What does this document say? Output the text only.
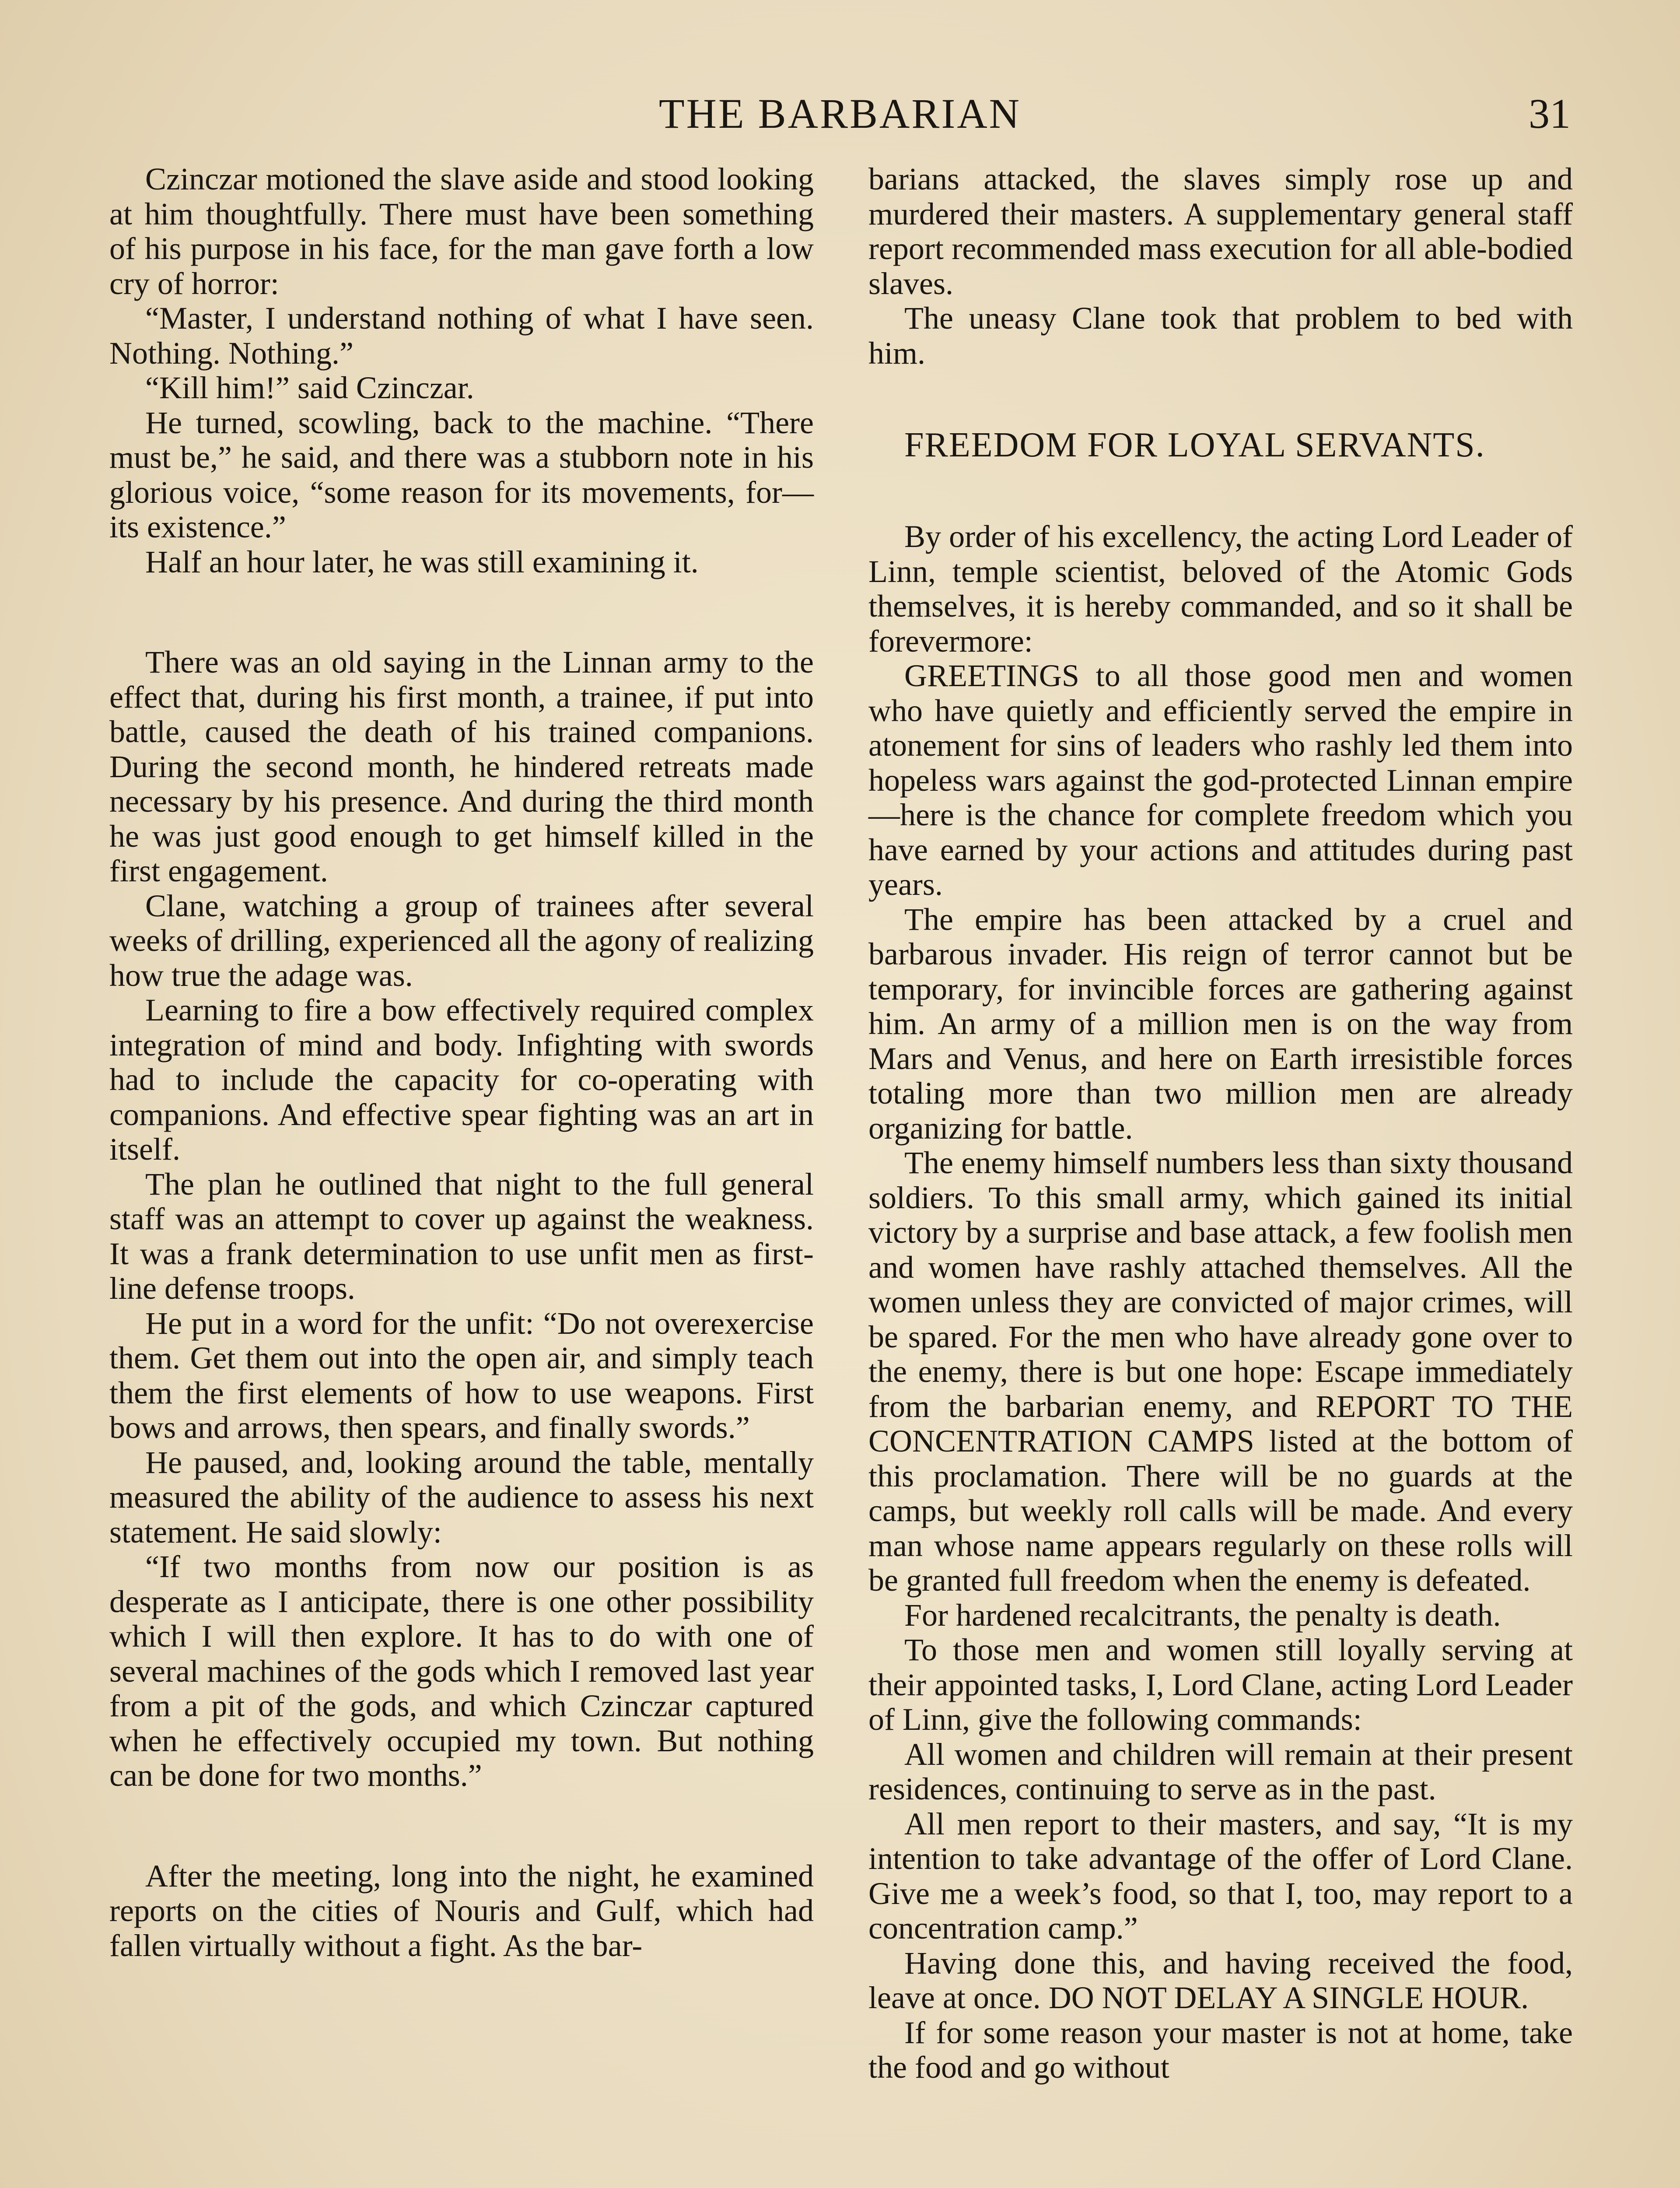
THE BARBARIAN	31

Czinczar motioned the slave aside and stood looking at him thoughtfully. There must have been something of his purpose in his face, for the man gave forth a low cry of horror:

“Master, I understand nothing of what I have seen. Nothing. Nothing.”

“Kill him!” said Czinczar.

He turned, scowling, back to the machine. “There must be,” he said, and there was a stubborn note in his glorious voice, “some reason for its movements, for—its existence.”

Half an hour later, he was still examining it.

There was an old saying in the Linnan army to the effect that, during his first month, a trainee, if put into battle, caused the death of his trained companions. During the second month, he hindered retreats made necessary by his presence. And during the third month he was just good enough to get himself killed in the first engagement.

Clane, watching a group of trainees after several weeks of drilling, experienced all the agony of realizing how true the adage was.

Learning to fire a bow effectively required complex integration of mind and body. Infighting with swords had to include the capacity for co-operating with companions. And effective spear fighting was an art in itself.

The plan he outlined that night to the full general staff was an attempt to cover up against the weakness. It was a frank determination to use unfit men as first-line defense troops.

He put in a word for the unfit: “Do not overexercise them. Get them out into the open air, and simply teach them the first elements of how to use weapons. First bows and arrows, then spears, and finally swords.”

He paused, and, looking around the table, mentally measured the ability of the audience to assess his next statement. He said slowly:

“If two months from now our position is as desperate as I anticipate, there is one other possibility which I will then explore. It has to do with one of several machines of the gods which I removed last year from a pit of the gods, and which Czinczar captured when he effectively occupied my town. But nothing can be done for two months.”

After the meeting, long into the night, he examined reports on the cities of Nouris and Gulf, which had fallen virtually without a fight. As the bar-

barians attacked, the slaves simply rose up and murdered their masters. A supplementary general staff report recommended mass execution for all able-bodied slaves.

The uneasy Clane took that problem to bed with him.

FREEDOM FOR LOYAL SERVANTS.

By order of his excellency, the acting Lord Leader of Linn, temple scientist, beloved of the Atomic Gods themselves, it is hereby commanded, and so it shall be forevermore:

GREETINGS to all those good men and women who have quietly and efficiently served the empire in atonement for sins of leaders who rashly led them into hopeless wars against the god-protected Linnan empire—here is the chance for complete freedom which you have earned by your actions and attitudes during past years.

The empire has been attacked by a cruel and barbarous invader. His reign of terror cannot but be temporary, for invincible forces are gathering against him. An army of a million men is on the way from Mars and Venus, and here on Earth irresistible forces totaling more than two million men are already organizing for battle.

The enemy himself numbers less than sixty thousand soldiers. To this small army, which gained its initial victory by a surprise and base attack, a few foolish men and women have rashly attached themselves. All the women unless they are convicted of major crimes, will be spared. For the men who have already gone over to the enemy, there is but one hope: Escape immediately from the barbarian enemy, and REPORT TO THE CONCENTRATION CAMPS listed at the bottom of this proclamation. There will be no guards at the camps, but weekly roll calls will be made. And every man whose name appears regularly on these rolls will be granted full freedom when the enemy is defeated.

For hardened recalcitrants, the penalty is death.

To those men and women still loyally serving at their appointed tasks, I, Lord Clane, acting Lord Leader of Linn, give the following commands:

All women and children will remain at their present residences, continuing to serve as in the past.

All men report to their masters, and say, “It is my intention to take advantage of the offer of Lord Clane. Give me a week’s food, so that I, too, may report to a concentration camp.”

Having done this, and having received the food, leave at once. DO NOT DELAY A SINGLE HOUR.

If for some reason your master is not at home, take the food and go without
